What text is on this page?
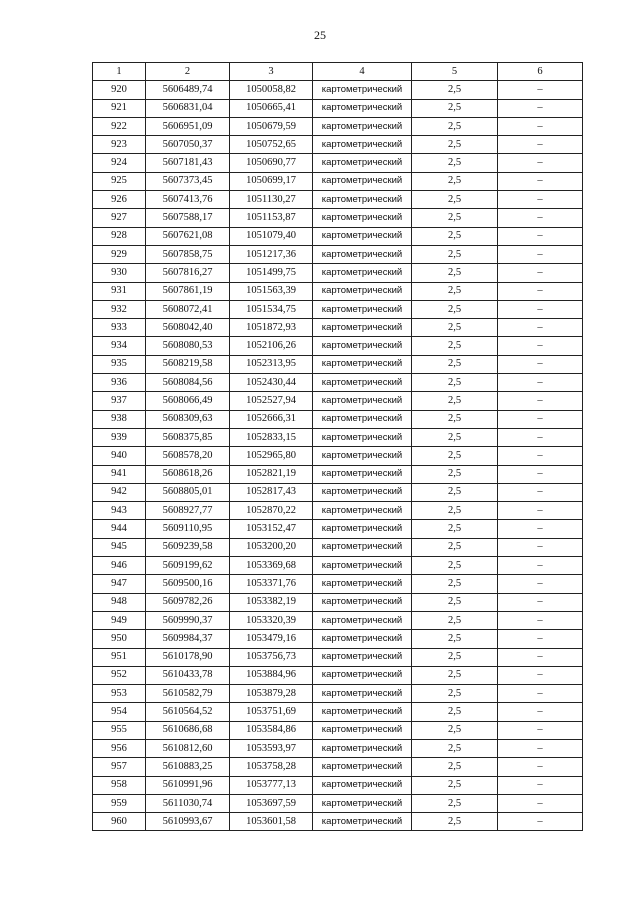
25
1	2	3	4	5	6
920	5606489,74	1050058,82	картометрический	2,5	–
921	5606831,04	1050665,41	картометрический	2,5	–
922	5606951,09	1050679,59	картометрический	2,5	–
923	5607050,37	1050752,65	картометрический	2,5	–
924	5607181,43	1050690,77	картометрический	2,5	–
925	5607373,45	1050699,17	картометрический	2,5	–
926	5607413,76	1051130,27	картометрический	2,5	–
927	5607588,17	1051153,87	картометрический	2,5	–
928	5607621,08	1051079,40	картометрический	2,5	–
929	5607858,75	1051217,36	картометрический	2,5	–
930	5607816,27	1051499,75	картометрический	2,5	–
931	5607861,19	1051563,39	картометрический	2,5	–
932	5608072,41	1051534,75	картометрический	2,5	–
933	5608042,40	1051872,93	картометрический	2,5	–
934	5608080,53	1052106,26	картометрический	2,5	–
935	5608219,58	1052313,95	картометрический	2,5	–
936	5608084,56	1052430,44	картометрический	2,5	–
937	5608066,49	1052527,94	картометрический	2,5	–
938	5608309,63	1052666,31	картометрический	2,5	–
939	5608375,85	1052833,15	картометрический	2,5	–
940	5608578,20	1052965,80	картометрический	2,5	–
941	5608618,26	1052821,19	картометрический	2,5	–
942	5608805,01	1052817,43	картометрический	2,5	–
943	5608927,77	1052870,22	картометрический	2,5	–
944	5609110,95	1053152,47	картометрический	2,5	–
945	5609239,58	1053200,20	картометрический	2,5	–
946	5609199,62	1053369,68	картометрический	2,5	–
947	5609500,16	1053371,76	картометрический	2,5	–
948	5609782,26	1053382,19	картометрический	2,5	–
949	5609990,37	1053320,39	картометрический	2,5	–
950	5609984,37	1053479,16	картометрический	2,5	–
951	5610178,90	1053756,73	картометрический	2,5	–
952	5610433,78	1053884,96	картометрический	2,5	–
953	5610582,79	1053879,28	картометрический	2,5	–
954	5610564,52	1053751,69	картометрический	2,5	–
955	5610686,68	1053584,86	картометрический	2,5	–
956	5610812,60	1053593,97	картометрический	2,5	–
957	5610883,25	1053758,28	картометрический	2,5	–
958	5610991,96	1053777,13	картометрический	2,5	–
959	5611030,74	1053697,59	картометрический	2,5	–
960	5610993,67	1053601,58	картометрический	2,5	–
